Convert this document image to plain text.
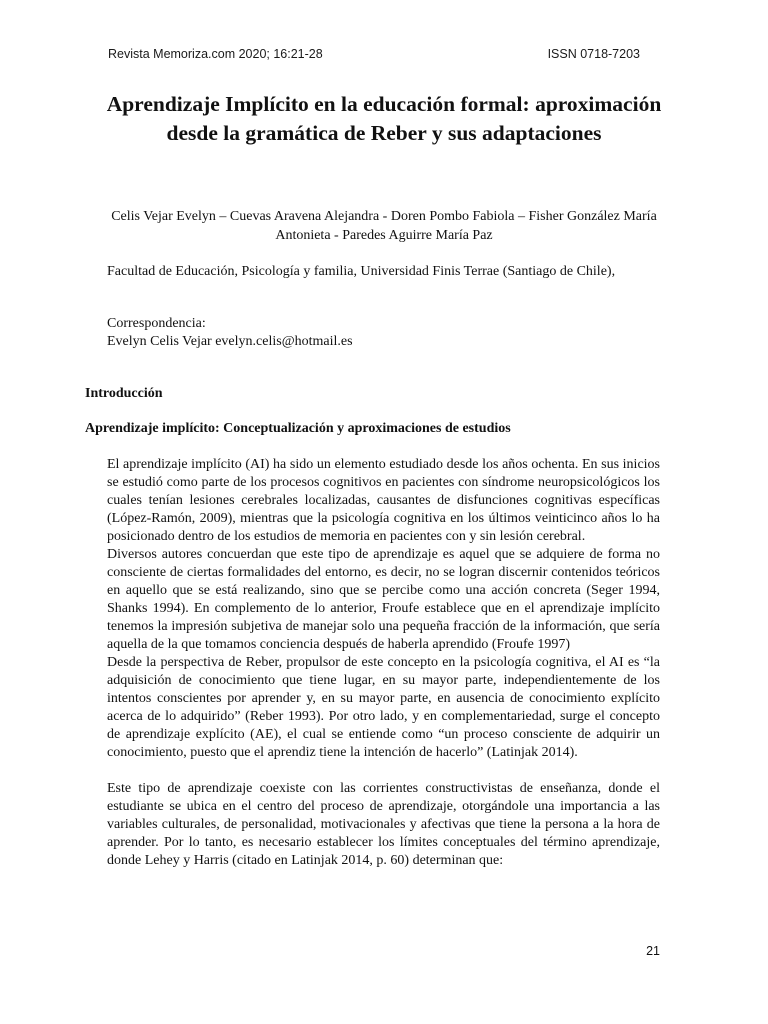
Revista Memoriza.com 2020; 16:21-28	ISSN 0718-7203
Aprendizaje Implícito en la educación formal: aproximación desde la gramática de Reber y sus adaptaciones
Celis Vejar Evelyn – Cuevas Aravena Alejandra - Doren Pombo Fabiola – Fisher González María Antonieta - Paredes Aguirre María Paz
Facultad de Educación, Psicología y familia, Universidad Finis Terrae (Santiago de Chile),
Correspondencia:
Evelyn Celis Vejar evelyn.celis@hotmail.es
Introducción
Aprendizaje implícito: Conceptualización y aproximaciones de estudios

El aprendizaje implícito (AI) ha sido un elemento estudiado desde los años ochenta. En sus inicios se estudió como parte de los procesos cognitivos en pacientes con síndrome neuropsicológicos los cuales tenían lesiones cerebrales localizadas, causantes de disfunciones cognitivas específicas (López-Ramón, 2009), mientras que la psicología cognitiva en los últimos veinticinco años lo ha posicionado dentro de los estudios de memoria en pacientes con y sin lesión cerebral.

Diversos autores concuerdan que este tipo de aprendizaje es aquel que se adquiere de forma no consciente de ciertas formalidades del entorno, es decir, no se logran discernir contenidos teóricos en aquello que se está realizando, sino que se percibe como una acción concreta (Seger 1994, Shanks 1994). En complemento de lo anterior, Froufe establece que en el aprendizaje implícito tenemos la impresión subjetiva de manejar solo una pequeña fracción de la información, que sería aquella de la que tomamos conciencia después de haberla aprendido (Froufe 1997)

Desde la perspectiva de Reber, propulsor de este concepto en la psicología cognitiva, el AI es “la adquisición de conocimiento que tiene lugar, en su mayor parte, independientemente de los intentos conscientes por aprender y, en su mayor parte, en ausencia de conocimiento explícito acerca de lo adquirido” (Reber 1993). Por otro lado, y en complementariedad, surge el concepto de aprendizaje explícito (AE), el cual se entiende como “un proceso consciente de adquirir un conocimiento, puesto que el aprendiz tiene la intención de hacerlo” (Latinjak 2014).

Este tipo de aprendizaje coexiste con las corrientes constructivistas de enseñanza, donde el estudiante se ubica en el centro del proceso de aprendizaje, otorgándole una importancia a las variables culturales, de personalidad, motivacionales y afectivas que tiene la persona a la hora de aprender. Por lo tanto, es necesario establecer los límites conceptuales del término aprendizaje, donde Lehey y Harris (citado en Latinjak 2014, p. 60) determinan que:

21
